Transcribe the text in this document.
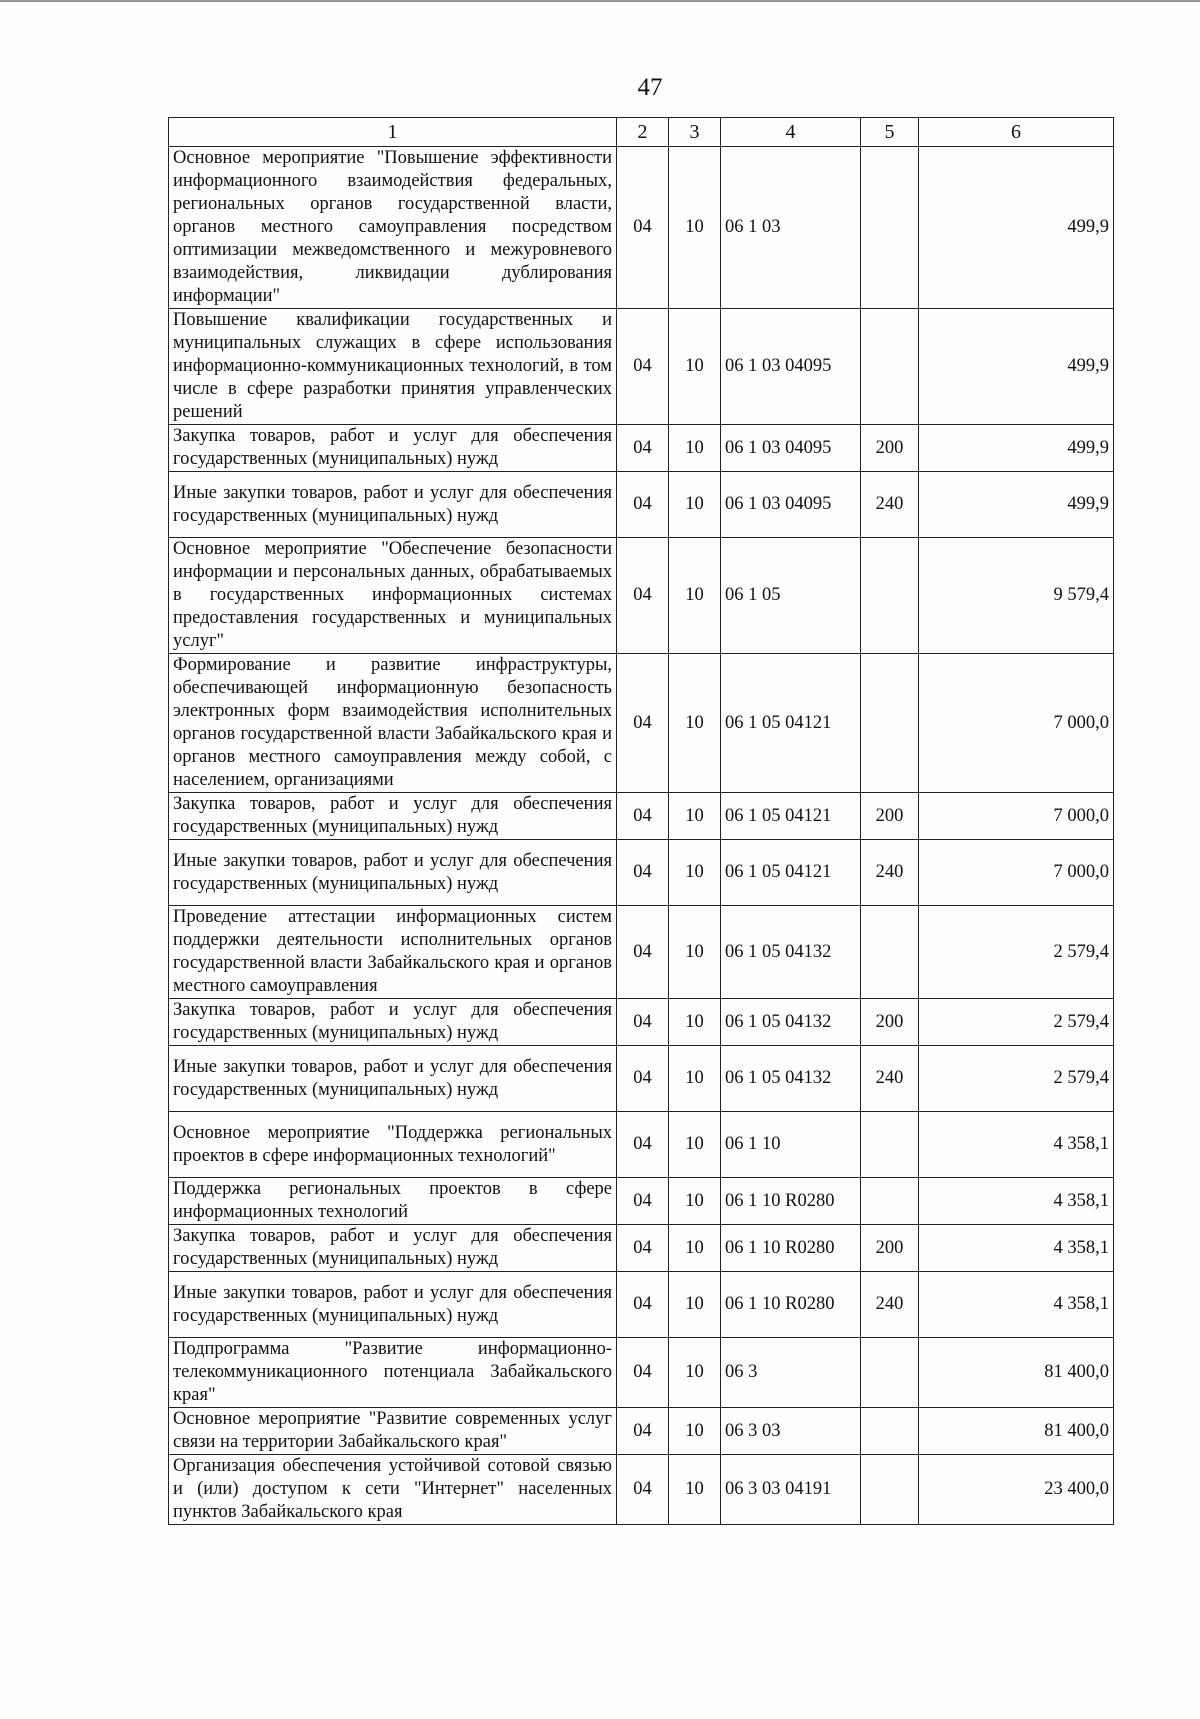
47
1	2	3	4	5	6
Основное мероприятие "Повышение эффективности информационного взаимодействия федеральных, региональных органов государственной власти, органов местного самоуправления посредством оптимизации межведомственного и межуровневого взаимодействия, ликвидации дублирования информации"	04	10	06 1 03		499,9
Повышение квалификации государственных и муниципальных служащих в сфере использования информационно-коммуникационных технологий, в том числе в сфере разработки принятия управленческих решений	04	10	06 1 03 04095		499,9
Закупка товаров, работ и услуг для обеспечения государственных (муниципальных) нужд	04	10	06 1 03 04095	200	499,9
Иные закупки товаров, работ и услуг для обеспечения государственных (муниципальных) нужд	04	10	06 1 03 04095	240	499,9
Основное мероприятие "Обеспечение безопасности информации и персональных данных, обрабатываемых в государственных информационных системах предоставления государственных и муниципальных услуг"	04	10	06 1 05		9 579,4
Формирование и развитие инфраструктуры, обеспечивающей информационную безопасность электронных форм взаимодействия исполнительных органов государственной власти Забайкальского края и органов местного самоуправления между собой, с населением, организациями	04	10	06 1 05 04121		7 000,0
Закупка товаров, работ и услуг для обеспечения государственных (муниципальных) нужд	04	10	06 1 05 04121	200	7 000,0
Иные закупки товаров, работ и услуг для обеспечения государственных (муниципальных) нужд	04	10	06 1 05 04121	240	7 000,0
Проведение аттестации информационных систем поддержки деятельности исполнительных органов государственной власти Забайкальского края и органов местного самоуправления	04	10	06 1 05 04132		2 579,4
Закупка товаров, работ и услуг для обеспечения государственных (муниципальных) нужд	04	10	06 1 05 04132	200	2 579,4
Иные закупки товаров, работ и услуг для обеспечения государственных (муниципальных) нужд	04	10	06 1 05 04132	240	2 579,4
Основное мероприятие "Поддержка региональных проектов в сфере информационных технологий"	04	10	06 1 10		4 358,1
Поддержка региональных проектов в сфере информационных технологий	04	10	06 1 10 R0280		4 358,1
Закупка товаров, работ и услуг для обеспечения государственных (муниципальных) нужд	04	10	06 1 10 R0280	200	4 358,1
Иные закупки товаров, работ и услуг для обеспечения государственных (муниципальных) нужд	04	10	06 1 10 R0280	240	4 358,1
Подпрограмма "Развитие информационно-телекоммуникационного потенциала Забайкальского края"	04	10	06 3		81 400,0
Основное мероприятие "Развитие современных услуг связи на территории Забайкальского края"	04	10	06 3 03		81 400,0
Организация обеспечения устойчивой сотовой связью и (или) доступом к сети "Интернет" населенных пунктов Забайкальского края	04	10	06 3 03 04191		23 400,0
